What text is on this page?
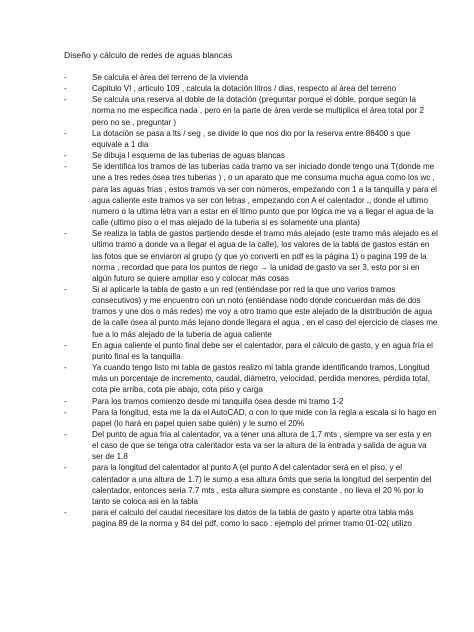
Diseño y cálculo de redes de aguas blancas
-	Se calcula el área del terreno de la vivienda
-	Capitulo VI , articulo 109 , calcula la dotación litros / dias, respecto al área del terreno
-	Se calcula una reserva al doble de la dotación (preguntar porque el doble, porque según la norma no me especifica nada , pero en la parte de área verde se multiplica el área total por 2 pero no se , preguntar )
-	La dotación se pasa a lts / seg , se divide lo que nos dio por la reserva entre 86400 s que equivale a 1 dia
-	Se dibuja l esquema de las tuberias de aguas blancas
-	Se identifica los tramos de las tuberias cada tramo va ser iniciado donde tengo una T(donde me une a tres redes ósea tres tuberias ) , o un aparato que me consuma mucha agua como los wc , para las aguas frias , estos tramos va ser con números, empezando con 1 a la tanquilla y para el agua caliente este tramos va ser con letras , empezando con A el calentador ,, donde el ultimo numero o la ultima letra van a estar en el ltimo punto que por lógica me va a llegar el agua de la calle (ultimo piso o el mas alejado de la tuberia si es solamente una planta)
-	Se realiza la tabla de gastos partiendo desde el tramo más alejado (este tramo más alejado es el ultimo tramo a donde va a llegar el agua de la calle), los valores de la tabla de gastos están en las fotos que se enviaron al grupo (y que yo converti en pdf es la página 1) o pagina 199 de la norma , recordad que para los puntos de riego → la unidad de gasto va ser 3, esto por si en algún futuro se quiere ampliar eso y colocar más cosas
-	Si al aplicarle la tabla de gasto a un red (entiéndase por red la que uno varios tramos consecutivos) y me encuentro con un noto (entiéndase nodo donde concuerdan más de dos tramos y une dos o más redes) me voy a otro tramo que este alejado de la distribución de agua de la calle ósea al punto más lejano donde llegara el agua , en el caso del ejercicio de clases me fue a lo más alejado de la tuberia de agua caliente
-	En agua caliente el punto final debe ser el calentador, para el cálculo de gasto, y en agua fría el punto final es la tanquilla
-	Ya cuando tengo listo mi tabla de gastos realizo mi tabla grande identificando tramos, Longitud más un porcentaje de incremento, caudal, diámetro, velocidad, perdida menores, pérdida total, cota pie arriba, cota pie abajo, cota piso y carga
-	Para los tramos comienzo desde mi tanquilla ósea desde mi tramo 1-2
-	Para la longitud, esta me la da el AutoCAD, o con lo que mide con la regla a escala si lo hago en papel (lo hará en papel quien sabe quién) y le sumo el 20%
-	Del punto de agua fria al calentador, va a tener una altura de 1.7 mts , siempre va ser esta y en el caso de que se tenga otra calentador esta va ser la altura de la entrada y salida de agua va ser de 1.8
-	para la longitud del calentador al punto A (el punto A del calentador será en el piso, y el calentador a una altura de 1.7) le sumo a esa altura 6mts que seria la longitud del serpentin del calentador, entonces seria 7.7 mts , esta altura siempre es constante , no lleva el 20 % por lo tanto se coloca asi en la tabla
-	para el calculo del caudal necesitare los datos de la tabla de gasto y aparte otra tabla más pagina 89 de la norma y 84 del pdf, como lo saco : ejemplo del primer tramo 01-02( utilizo
